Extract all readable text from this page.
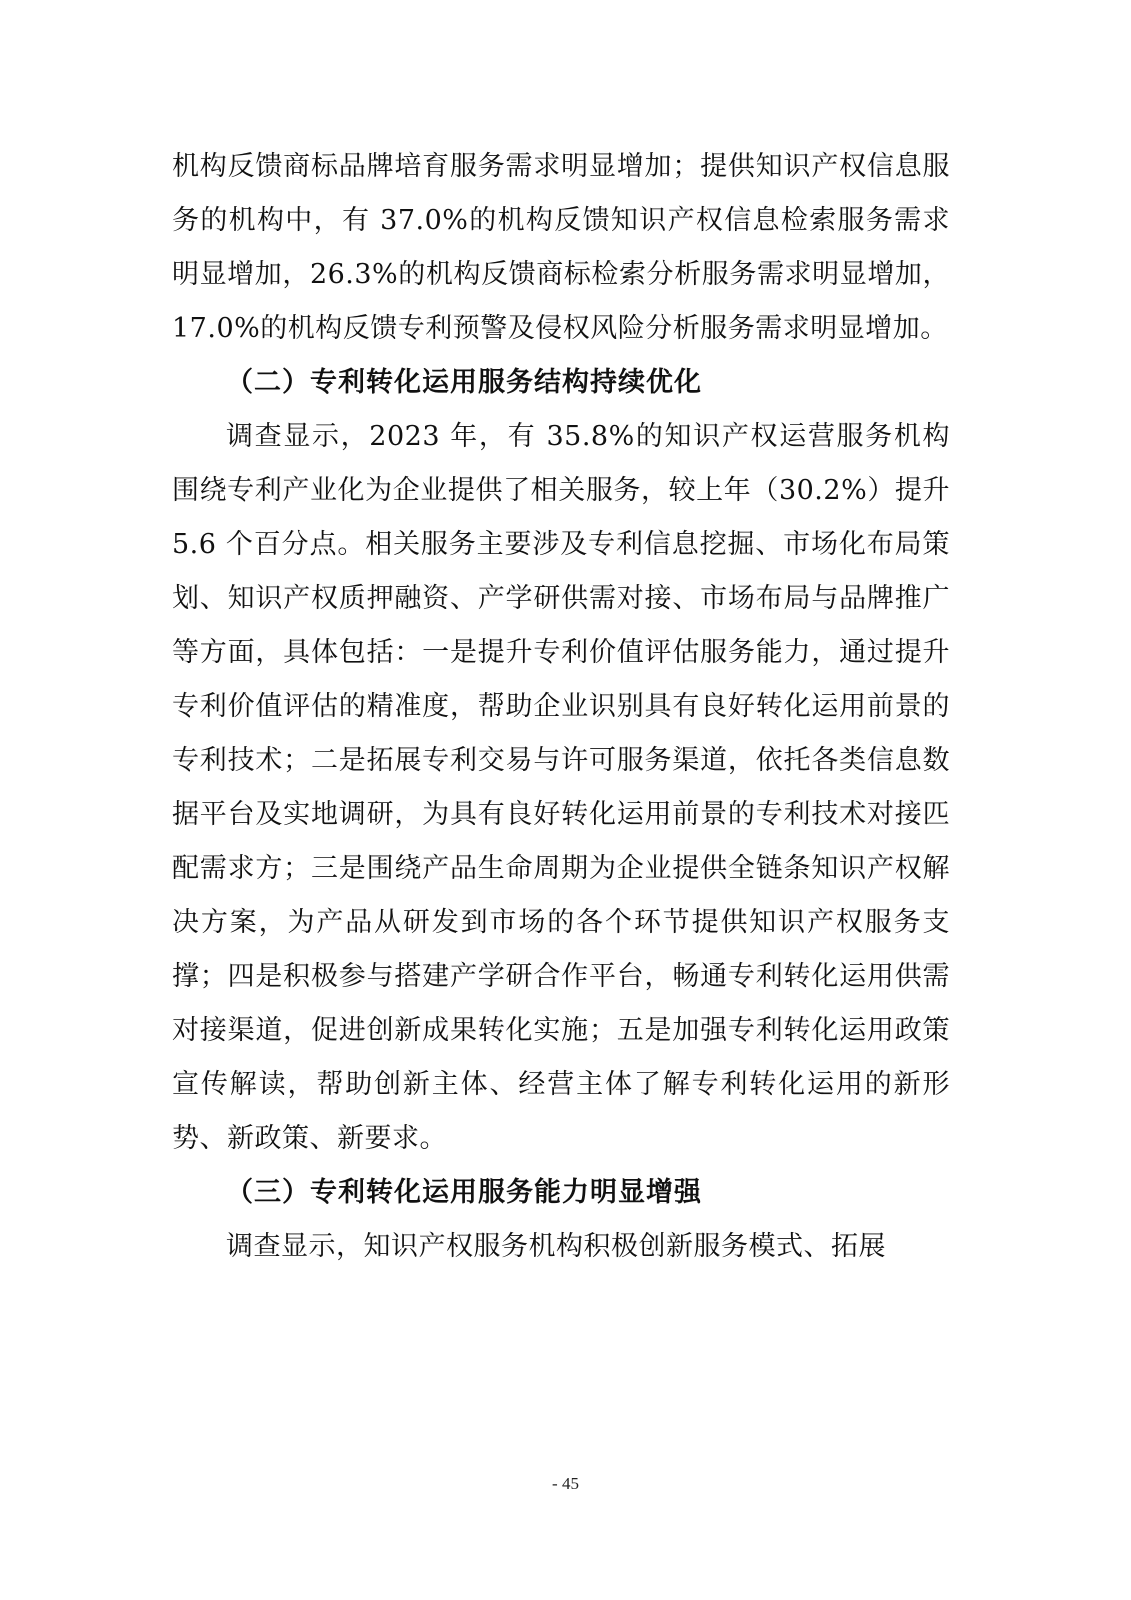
机构反馈商标品牌培育服务需求明显增加；提供知识产权信息服务的机构中，有 37.0%的机构反馈知识产权信息检索服务需求明显增加，26.3%的机构反馈商标检索分析服务需求明显增加，17.0%的机构反馈专利预警及侵权风险分析服务需求明显增加。

（二）专利转化运用服务结构持续优化

调查显示，2023 年，有 35.8%的知识产权运营服务机构围绕专利产业化为企业提供了相关服务，较上年（30.2%）提升 5.6 个百分点。相关服务主要涉及专利信息挖掘、市场化布局策划、知识产权质押融资、产学研供需对接、市场布局与品牌推广等方面，具体包括：一是提升专利价值评估服务能力，通过提升专利价值评估的精准度，帮助企业识别具有良好转化运用前景的专利技术；二是拓展专利交易与许可服务渠道，依托各类信息数据平台及实地调研，为具有良好转化运用前景的专利技术对接匹配需求方；三是围绕产品生命周期为企业提供全链条知识产权解决方案，为产品从研发到市场的各个环节提供知识产权服务支撑；四是积极参与搭建产学研合作平台，畅通专利转化运用供需对接渠道，促进创新成果转化实施；五是加强专利转化运用政策宣传解读，帮助创新主体、经营主体了解专利转化运用的新形势、新政策、新要求。

（三）专利转化运用服务能力明显增强

调查显示，知识产权服务机构积极创新服务模式、拓展

- 45
